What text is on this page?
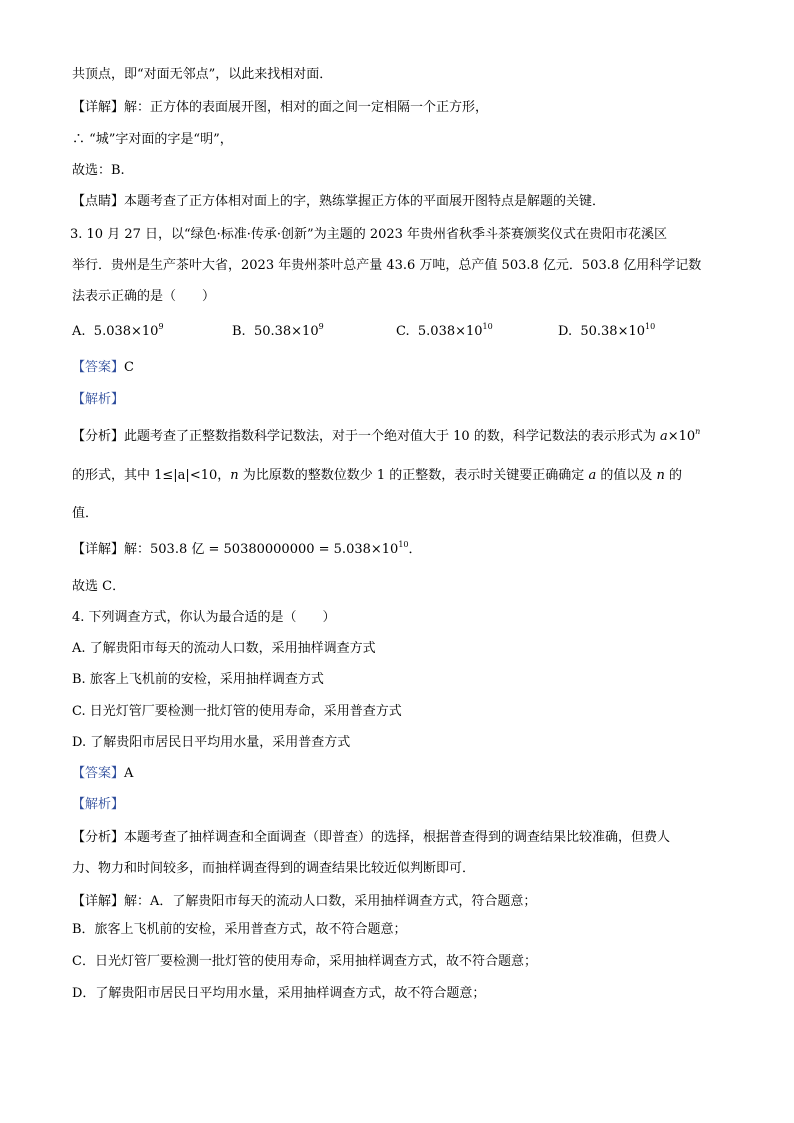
共顶点，即“对面无邻点”，以此来找相对面．
【详解】解：正方体的表面展开图，相对的面之间一定相隔一个正方形，
∴ “城”字对面的字是“明”，
故选：B.
【点睛】本题考查了正方体相对面上的字，熟练掌握正方体的平面展开图特点是解题的关键．
3. 10 月 27 日，以“绿色·标准·传承·创新”为主题的 2023 年贵州省秋季斗茶赛颁奖仪式在贵阳市花溪区
举行．贵州是生产茶叶大省，2023 年贵州茶叶总产量 43.6 万吨，总产值 503.8 亿元．503.8 亿用科学记数
法表示正确的是（　　）
A. $5.038\times 10^9$	B. $50.38\times 10^9$	C. $5.038\times 10^{10}$	D. $50.38\times 10^{10}$
【答案】C
【解析】
【分析】此题考查了正整数指数科学记数法，对于一个绝对值大于 10 的数，科学记数法的表示形式为 $a\times 10^n$
的形式，其中 1≤|a|<10，n 为比原数的整数位数少 1 的正整数，表示时关键要正确确定 a 的值以及 n 的
值．
【详解】解：503.8 亿 = $50380000000 = 5.038\times 10^{10}$．
故选 C．
4. 下列调查方式，你认为最合适的是（　　）
A. 了解贵阳市每天的流动人口数，采用抽样调查方式
B. 旅客上飞机前的安检，采用抽样调查方式
C. 日光灯管厂要检测一批灯管的使用寿命，采用普查方式
D. 了解贵阳市居民日平均用水量，采用普查方式
【答案】A
【解析】
【分析】本题考查了抽样调查和全面调查（即普查）的选择，根据普查得到的调查结果比较准确，但费人
力、物力和时间较多，而抽样调查得到的调查结果比较近似判断即可．
【详解】解：A．了解贵阳市每天的流动人口数，采用抽样调查方式，符合题意；
B．旅客上飞机前的安检，采用普查方式，故不符合题意；
C．日光灯管厂要检测一批灯管的使用寿命，采用抽样调查方式，故不符合题意；
D．了解贵阳市居民日平均用水量，采用抽样调查方式，故不符合题意；
